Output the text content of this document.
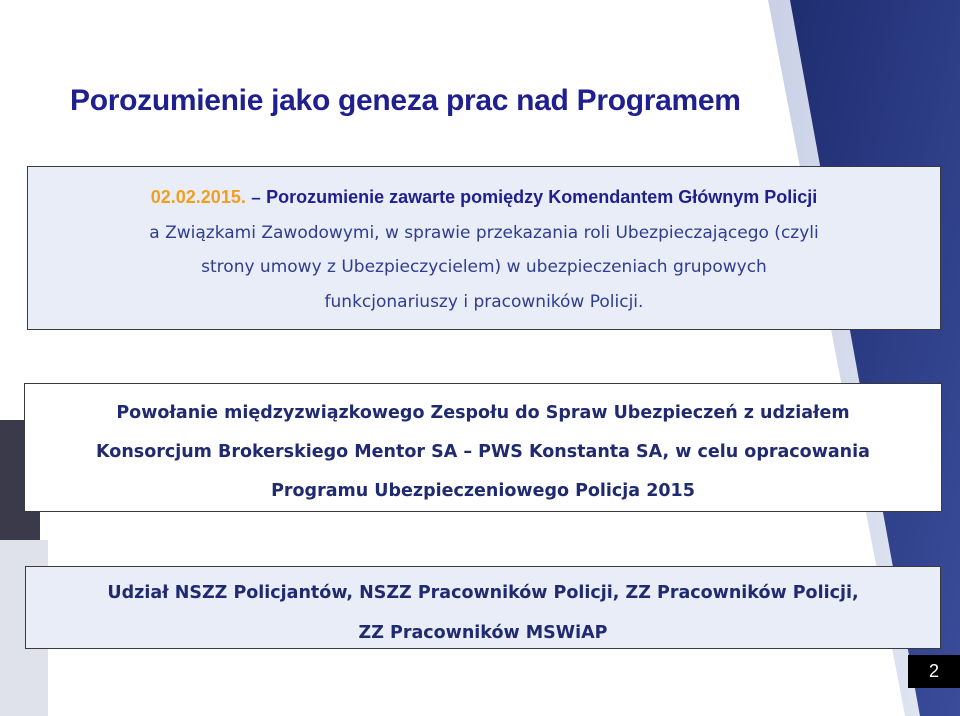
Porozumienie jako geneza prac nad Programem
02.02.2015. – Porozumienie zawarte pomiędzy Komendantem Głównym Policji
a Związkami Zawodowymi, w sprawie przekazania roli Ubezpieczającego (czyli
strony umowy z Ubezpieczycielem) w ubezpieczeniach grupowych
funkcjonariuszy i pracowników Policji.
Powołanie międzyzwiązkowego Zespołu do Spraw Ubezpieczeń z udziałem
Konsorcjum Brokerskiego Mentor SA – PWS Konstanta SA, w celu opracowania
Programu Ubezpieczeniowego Policja 2015
Udział NSZZ Policjantów, NSZZ Pracowników Policji, ZZ Pracowników Policji,
ZZ Pracowników MSWiAP
2
